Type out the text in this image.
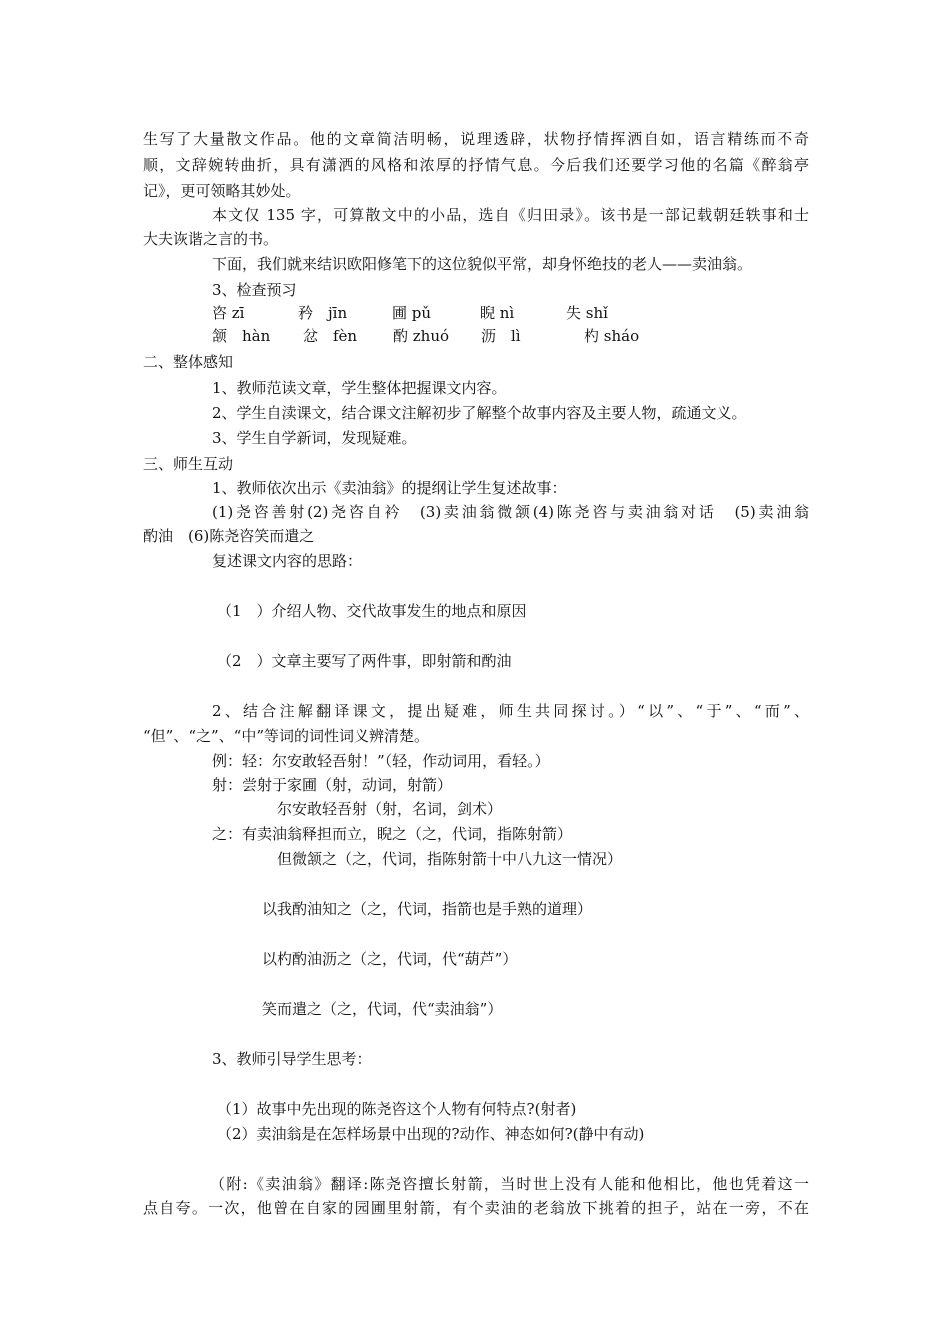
生写了大量散文作品。他的文章简洁明畅，说理透辟，状物抒情挥洒自如，语言精练而不奇
顺，文辞婉转曲折，具有潇洒的风格和浓厚的抒情气息。今后我们还要学习他的名篇《醉翁亭
记》，更可领略其妙处。
本文仅 135 字，可算散文中的小品，选自《归田录》。该书是一部记载朝廷轶事和士
大夫诙谐之言的书。
下面，我们就来结识欧阳修笔下的这位貌似平常，却身怀绝技的老人——卖油翁。
3、检查预习
咨 zī	矜　jīn	圃 pǔ	睨 nì	失 shǐ
颔　hàn 忿　fèn 酌 zhuó 沥　lì	杓 sháo
二、整体感知
1、教师范读文章，学生整体把握课文内容。
2、学生自渎课文，结合课文注解初步了解整个故事内容及主要人物，疏通文义。
3、学生自学新词，发现疑难。
三、师生互动
1、教师依次出示《卖油翁》的提纲让学生复述故事：
(1)尧咨善射(2)尧咨自衿　(3)卖油翁微颔(4)陈尧咨与卖油翁对话　(5)卖油翁
酌油　(6)陈尧咨笑而遣之
复述课文内容的思路：
（1　）介绍人物、交代故事发生的地点和原因
（2　）文章主要写了两件事，即射箭和酌油
2、结合注解翻译课文，提出疑难，师生共同探讨。）“以”、“于”、“而”、
“但”、“之”、“中”等词的词性词义辨清楚。
例：轻：尔安敢轻吾射！”（轻，作动词用，看轻。）
射：尝射于家圃（射，动词，射箭）
尔安敢轻吾射（射，名词，剑术）
之：有卖油翁释担而立，睨之（之，代词，指陈射箭）
但微颔之（之，代词，指陈射箭十中八九这一情况）
以我酌油知之（之，代词，指箭也是手熟的道理）
以杓酌油沥之（之，代词，代“葫芦”）
笑而遣之（之，代词，代“卖油翁”）
3、教师引导学生思考：
（1）故事中先出现的陈尧咨这个人物有何特点?(射者)
（2）卖油翁是在怎样场景中出现的?动作、神态如何?(静中有动)
（附:《卖油翁》翻译:陈尧咨擅长射箭，当时世上没有人能和他相比，他也凭着这一
点自夸。一次，他曾在自家的园圃里射箭，有个卖油的老翁放下挑着的担子，站在一旁，不在
